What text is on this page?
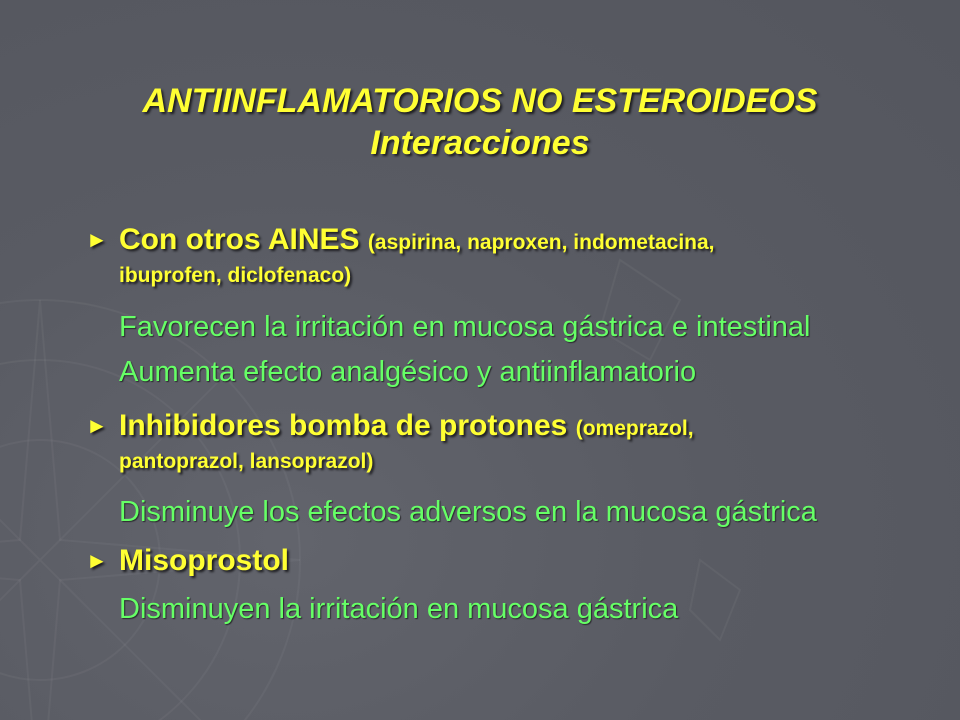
ANTIINFLAMATORIOS NO ESTEROIDEOS
Interacciones
► Con otros AINES (aspirina, naproxen, indometacina,
ibuprofen, diclofenaco)
Favorecen la irritación en mucosa gástrica e intestinal
Aumenta efecto analgésico y antiinflamatorio
► Inhibidores bomba de protones (omeprazol,
pantoprazol, lansoprazol)
Disminuye los efectos adversos en la mucosa gástrica
► Misoprostol
Disminuyen la irritación en mucosa gástrica
